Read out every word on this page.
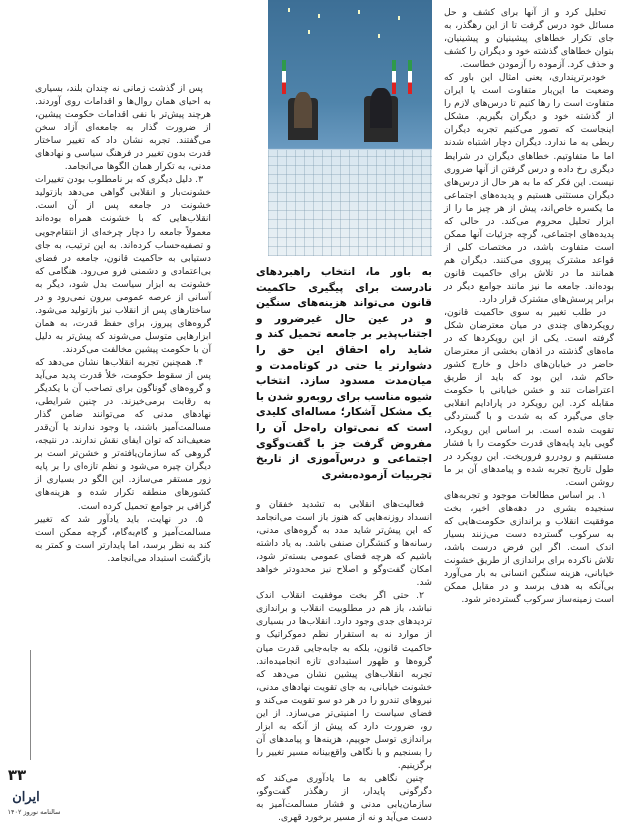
به باور ما، انتخاب راهبردهای نادرست برای پیگیری حاکمیت قانون می‌تواند هزینه‌های سنگین و در عین حال غیرضرور و اجتناب‌پذیر بر جامعه تحمیل کند و شاید راه احقاق این حق را دشوارتر یا حتی در کوتاه‌مدت و میان‌مدت مسدود سازد. انتخاب شیوه مناسب برای روبه‌رو شدن با یک مشکل آشکار؛ مساله‌ای کلیدی است که نمی‌توان راه‌حل آن را مفروض گرفت جز با گفت‌وگوی اجتماعی و درس‌آموزی از تاریخ تجربیات آزموده‌بشری

تحلیل کرد و از آنها برای کشف و حل مسائل خود درس گرفت تا از این رهگذر، به جای تکرار خطاهای پیشینیان و پیشینیان، بتوان خطاهای گذشته خود و دیگران را کشف و حذف کرد. آزموده را آزمودن خطاست.

خودبرترپنداری، یعنی امثال این باور که وضعیت ما این‌بار متفاوت است یا ایران متفاوت است را رها کنیم تا درس‌های لازم را از گذشته خود و دیگران بگیریم. مشکل اینجاست که تصور می‌کنیم تجربه دیگران ربطی به ما ندارد. دیگران دچار اشتباه شدند اما ما متفاوتیم. خطاهای دیگران در شرایط دیگری رخ داده و درس گرفتن از آنها ضروری نیست. این فکر که ما به هر حال از درس‌های دیگران مستثنی هستیم و پدیده‌های اجتماعی ما یکسره خاص‌اند، پیش از هر چیز ما را از ابزار تحلیل محروم می‌کند. در حالی که پدیده‌های اجتماعی، گرچه جزئیات آنها ممکن است متفاوت باشد، در مختصات کلی از قواعد مشترک پیروی می‌کنند. دیگران هم همانند ما در تلاش برای حاکمیت قانون بوده‌اند. جامعه ما نیز مانند جوامع دیگر در برابر پرسش‌های مشترک قرار دارد.

در طلب تغییر به سوی حاکمیت قانون، رویکردهای چندی در میان معترضان شکل گرفته است. یکی از این رویکردها که در ماه‌های گذشته در اذهان بخشی از معترضان حاضر در خیابان‌های داخل و خارج کشور حاکم شد، این بود که باید از طریق اعتراضات تند و خشن خیابانی با حکومت مقابله کرد. این رویکرد در پارادایم انقلابی جای می‌گیرد که به شدت و با گستردگی تقویت شده است. بر اساس این رویکرد، گویی باید پایه‌های قدرت حکومت را با فشار مستقیم و رودررو فروریخت. این رویکرد در طول تاریخ تجربه شده و پیامدهای آن بر ما روشن است.

۱. بر اساس مطالعات موجود و تجربه‌های سنجیده بشری در دهه‌های اخیر، بخت موفقیت انقلاب و براندازی حکومت‌هایی که به سرکوب گسترده دست می‌زنند بسیار اندک است. اگر این فرض درست باشد، تلاش ناکرده برای براندازی از طریق خشونت خیابانی، هزینه سنگین انسانی به بار می‌آورد بی‌آنکه به هدف برسد و در مقابل ممکن است زمینه‌ساز سرکوب گسترده‌تر شود.

فعالیت‌های انقلابی به تشدید خفقان و انسداد روزنه‌هایی که هنوز باز است می‌انجامد که این پیش‌تر شاید مدد به گروه‌های مدنی، رسانه‌ها و کنشگران صنفی باشد. به یاد داشته باشیم که هرچه فضای عمومی بسته‌تر شود، امکان گفت‌وگو و اصلاح نیز محدودتر خواهد شد.

۲. حتی اگر بخت موفقیت انقلاب اندک نباشد، باز هم در مطلوبیت انقلاب و براندازی تردیدهای جدی وجود دارد. انقلاب‌ها در بسیاری از موارد نه به استقرار نظم دموکراتیک و حاکمیت قانون، بلکه به جابه‌جایی قدرت میان گروه‌ها و ظهور استبدادی تازه انجامیده‌اند. تجربه انقلاب‌های پیشین نشان می‌دهد که خشونت خیابانی، به جای تقویت نهادهای مدنی، نیروهای تندرو را در هر دو سو تقویت می‌کند و فضای سیاست را امنیتی‌تر می‌سازد. از این رو، ضرورت دارد که پیش از آنکه به ابزار براندازی توسل جوییم، هزینه‌ها و پیامدهای آن را بسنجیم و با نگاهی واقع‌بینانه مسیر تغییر را برگزینیم.

چنین نگاهی به ما یادآوری می‌کند که دگرگونی پایدار، از رهگذر گفت‌وگو، سازمان‌یابی مدنی و فشار مسالمت‌آمیز به دست می‌آید و نه از مسیر برخورد قهری.

پس از گذشت زمانی نه چندان بلند، بسیاری به احیای همان روال‌ها و اقدامات روی آوردند. هرچند پیش‌تر با نفی اقدامات حکومت پیشین، از ضرورت گذار به جامعه‌ای آزاد سخن می‌گفتند. تجربه نشان داد که تغییر ساختار قدرت بدون تغییر در فرهنگ سیاسی و نهادهای مدنی، به تکرار همان الگوها می‌انجامد.

۳. دلیل دیگری که بر نامطلوب بودن تغییرات خشونت‌بار و انقلابی گواهی می‌دهد بازتولید خشونت در جامعه پس از آن است. انقلاب‌هایی که با خشونت همراه بوده‌اند معمولاً جامعه را دچار چرخه‌ای از انتقام‌جویی و تصفیه‌حساب کرده‌اند. به این ترتیب، به جای دستیابی به حاکمیت قانون، جامعه در فضای بی‌اعتمادی و دشمنی فرو می‌رود. هنگامی که خشونت به ابزار سیاست بدل شود، دیگر به آسانی از عرصه عمومی بیرون نمی‌رود و در ساختارهای پس از انقلاب نیز بازتولید می‌شود. گروه‌های پیروز، برای حفظ قدرت، به همان ابزارهایی متوسل می‌شوند که پیش‌تر به دلیل آن با حکومت پیشین مخالفت می‌کردند.

۴. همچنین تجربه انقلاب‌ها نشان می‌دهد که پس از سقوط حکومت، خلأ قدرت پدید می‌آید و گروه‌های گوناگون برای تصاحب آن با یکدیگر به رقابت برمی‌خیزند. در چنین شرایطی، نهادهای مدنی که می‌توانند ضامن گذار مسالمت‌آمیز باشند، یا وجود ندارند یا آن‌قدر ضعیف‌اند که توان ایفای نقش ندارند. در نتیجه، گروهی که سازمان‌یافته‌تر و خشن‌تر است بر دیگران چیره می‌شود و نظم تازه‌ای را بر پایه زور مستقر می‌سازد. این الگو در بسیاری از کشورهای منطقه تکرار شده و هزینه‌های گزافی بر جوامع تحمیل کرده است.

۵. در نهایت، باید یادآور شد که تغییر مسالمت‌آمیز و گام‌به‌گام، گرچه ممکن است کند به نظر برسد، اما پایدارتر است و کمتر به بازگشت استبداد می‌انجامد.

۳۳
ایران
سالنامه نوروز ۱۴۰۲
